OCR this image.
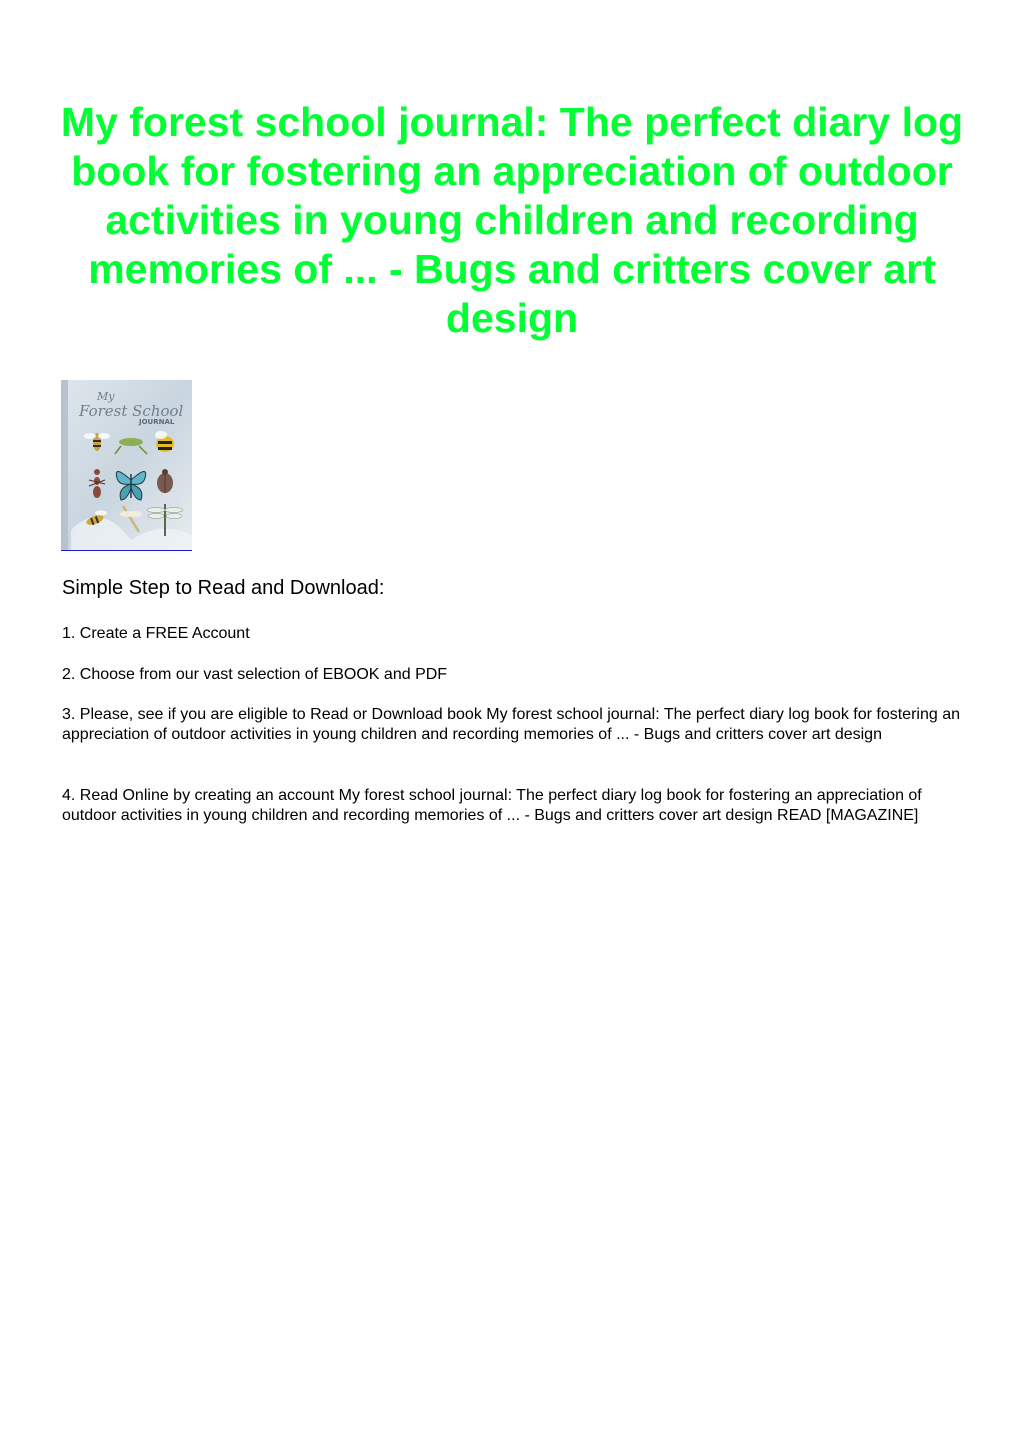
My forest school journal: The perfect diary log book for fostering an appreciation of outdoor activities in young children and recording memories of ... - Bugs and critters cover art design
My
Forest School
JOURNAL
Simple Step to Read and Download:

1. Create a FREE Account

2. Choose from our vast selection of EBOOK and PDF

3. Please, see if you are eligible to Read or Download book My forest school journal: The perfect diary log book for fostering an appreciation of outdoor activities in young children and recording memories of ... - Bugs and critters cover art design

4. Read Online by creating an account My forest school journal: The perfect diary log book for fostering an appreciation of outdoor activities in young children and recording memories of ... - Bugs and critters cover art design READ [MAGAZINE]
